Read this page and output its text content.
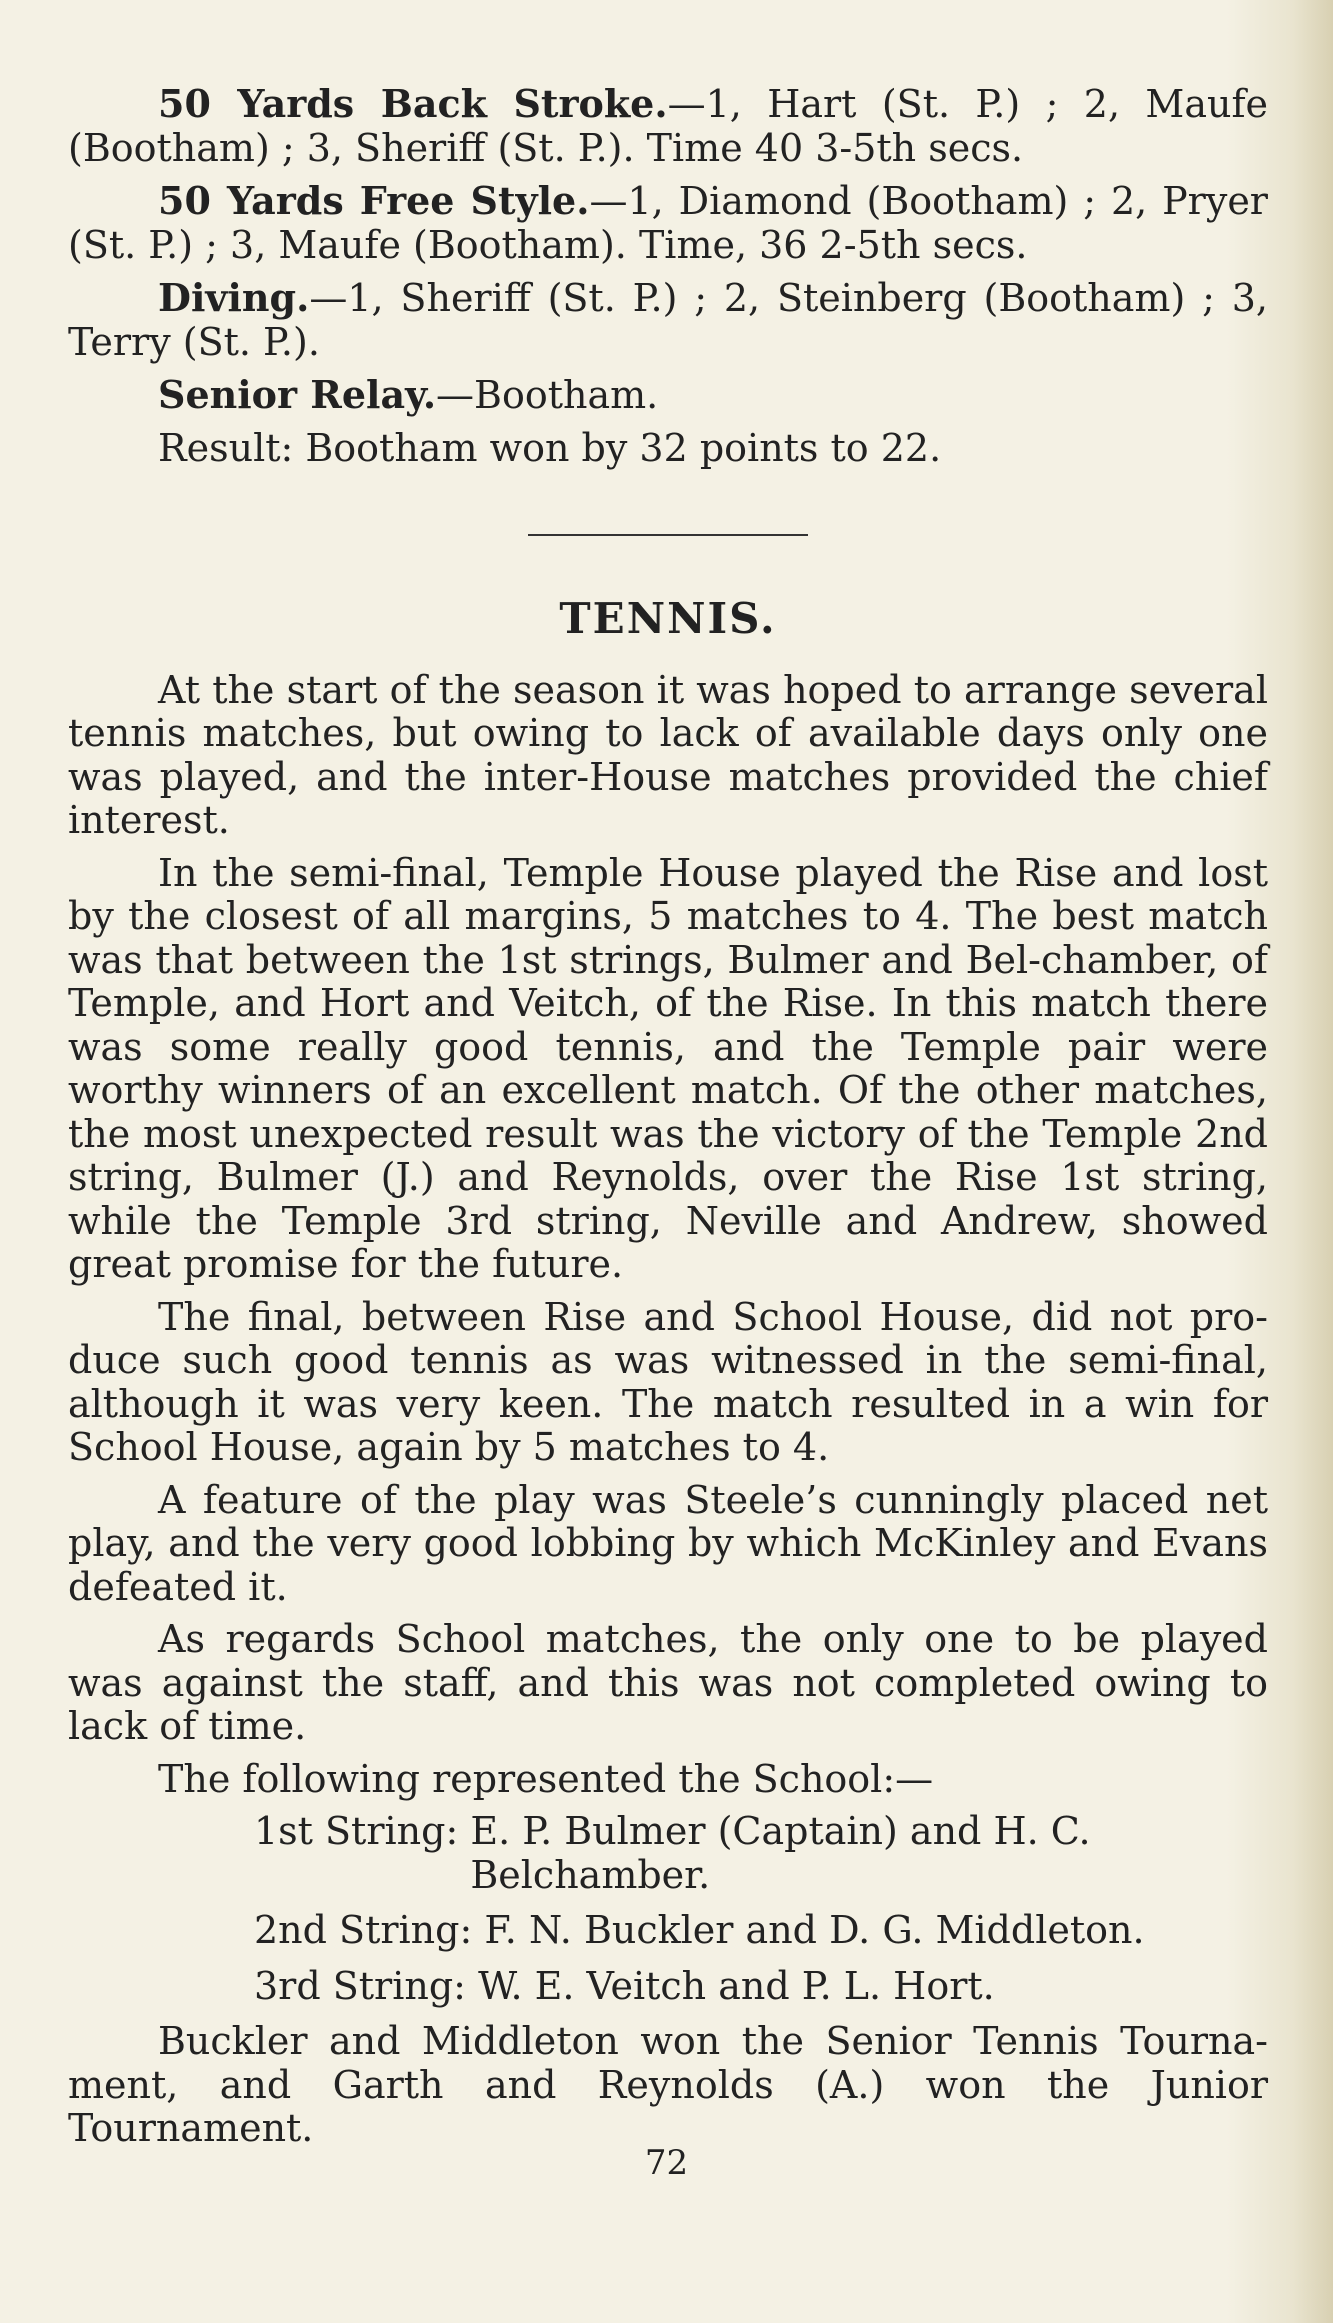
50 Yards Back Stroke.—1, Hart (St. P.) ; 2, Maufe (Bootham) ; 3, Sheriff (St. P.). Time 40 3-5th secs.

50 Yards Free Style.—1, Diamond (Bootham) ; 2, Pryer (St. P.) ; 3, Maufe (Bootham). Time, 36 2-5th secs.

Diving.—1, Sheriff (St. P.) ; 2, Steinberg (Bootham) ; 3, Terry (St. P.).

Senior Relay.—Bootham.

Result: Bootham won by 32 points to 22.

TENNIS.

At the start of the season it was hoped to arrange several tennis matches, but owing to lack of available days only one was played, and the inter-House matches provided the chief interest.

In the semi-final, Temple House played the Rise and lost by the closest of all margins, 5 matches to 4. The best match was that between the 1st strings, Bulmer and Bel-chamber, of Temple, and Hort and Veitch, of the Rise. In this match there was some really good tennis, and the Temple pair were worthy winners of an excellent match. Of the other matches, the most unexpected result was the victory of the Temple 2nd string, Bulmer (J.) and Reynolds, over the Rise 1st string, while the Temple 3rd string, Neville and Andrew, showed great promise for the future.

The final, between Rise and School House, did not pro-duce such good tennis as was witnessed in the semi-final, although it was very keen. The match resulted in a win for School House, again by 5 matches to 4.

A feature of the play was Steele’s cunningly placed net play, and the very good lobbing by which McKinley and Evans defeated it.

As regards School matches, the only one to be played was against the staff, and this was not completed owing to lack of time.

The following represented the School:—

1st String: E. P. Bulmer (Captain) and H. C. Belchamber.
2nd String: F. N. Buckler and D. G. Middleton.
3rd String: W. E. Veitch and P. L. Hort.

Buckler and Middleton won the Senior Tennis Tourna-ment, and Garth and Reynolds (A.) won the Junior Tournament.

72
